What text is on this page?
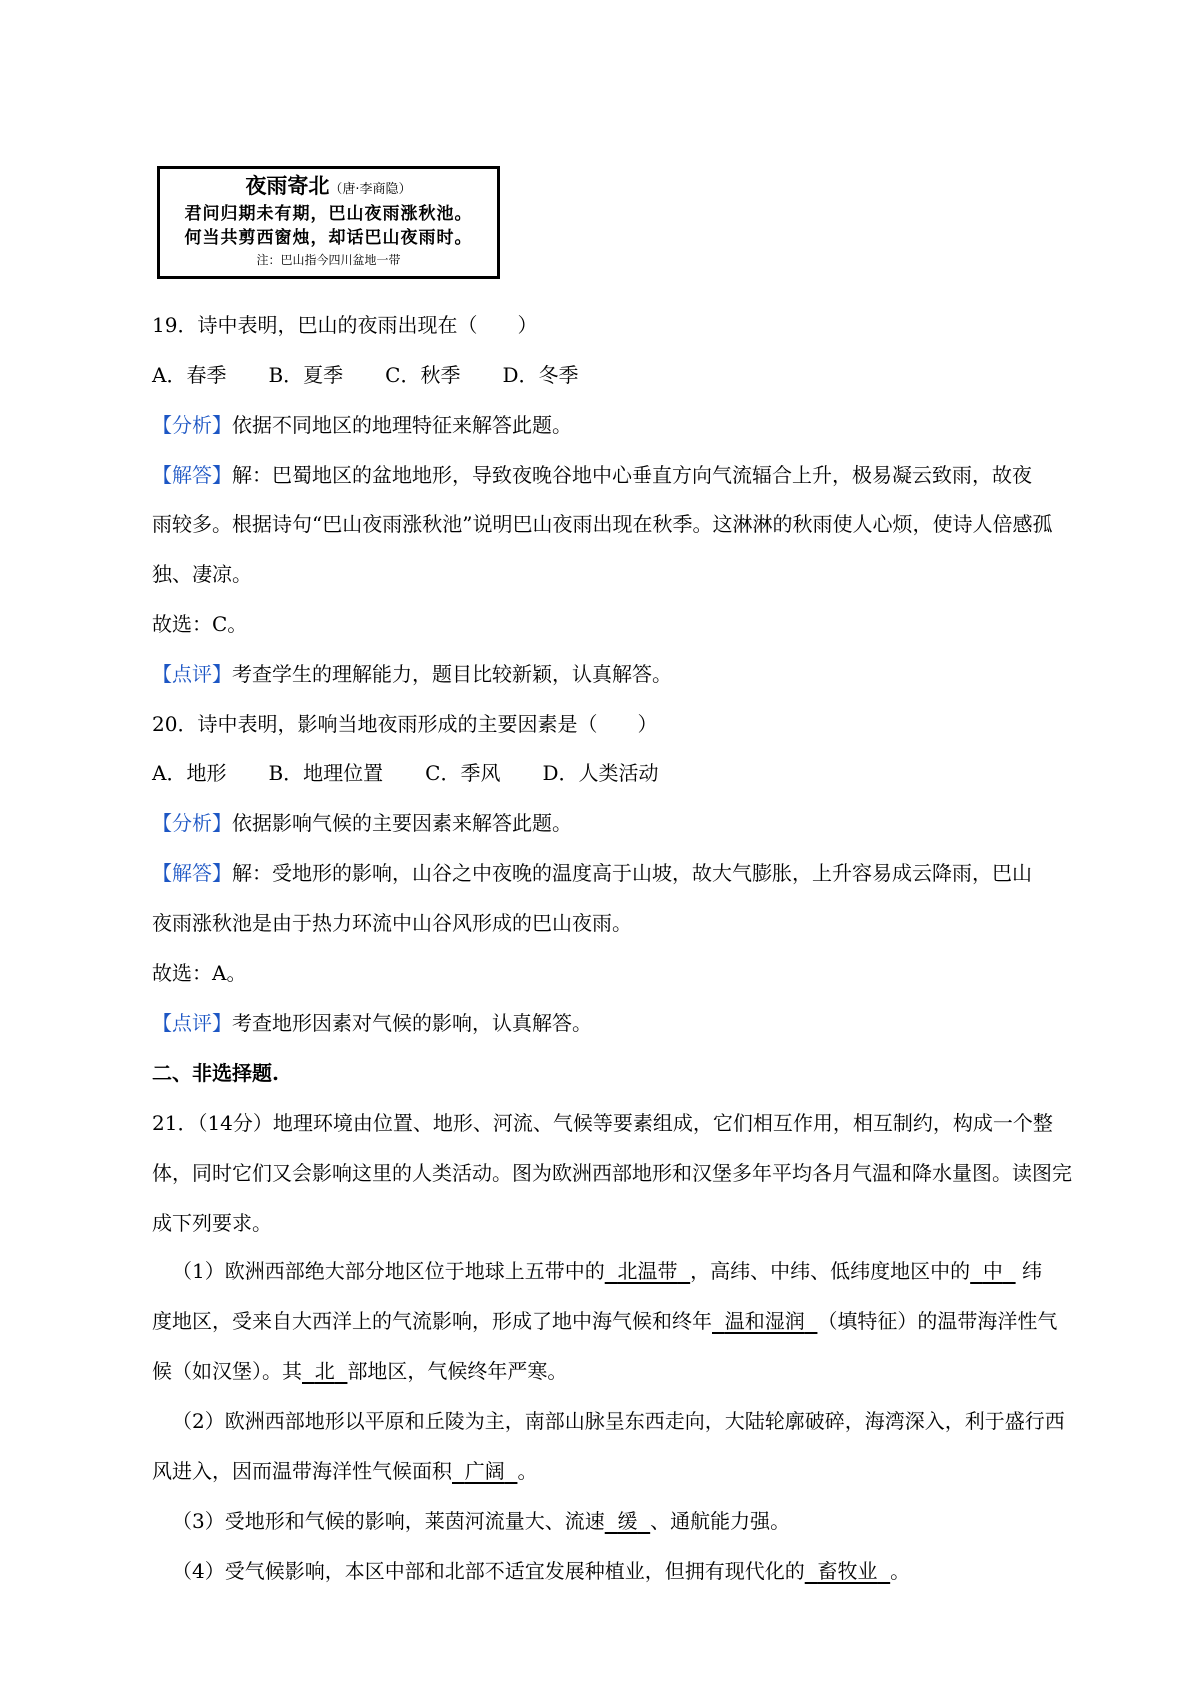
夜雨寄北（唐·李商隐）
君问归期未有期，巴山夜雨涨秋池。
何当共剪西窗烛，却话巴山夜雨时。
注：巴山指今四川盆地一带
19．诗中表明，巴山的夜雨出现在（　　）
A．春季 B．夏季 C．秋季 D．冬季
【分析】依据不同地区的地理特征来解答此题。
【解答】解：巴蜀地区的盆地地形，导致夜晚谷地中心垂直方向气流辐合上升，极易凝云致雨，故夜
雨较多。根据诗句“巴山夜雨涨秋池”说明巴山夜雨出现在秋季。这淋淋的秋雨使人心烦，使诗人倍感孤
独、凄凉。
故选：C。
【点评】考查学生的理解能力，题目比较新颖，认真解答。
20．诗中表明，影响当地夜雨形成的主要因素是（　　）
A．地形 B．地理位置 C．季风 D．人类活动
【分析】依据影响气候的主要因素来解答此题。
【解答】解：受地形的影响，山谷之中夜晚的温度高于山坡，故大气膨胀，上升容易成云降雨，巴山
夜雨涨秋池是由于热力环流中山谷风形成的巴山夜雨。
故选：A。
【点评】考查地形因素对气候的影响，认真解答。
二、非选择题.
21．（14分）地理环境由位置、地形、河流、气候等要素组成，它们相互作用，相互制约，构成一个整
体，同时它们又会影响这里的人类活动。图为欧洲西部地形和汉堡多年平均各月气温和降水量图。读图完
成下列要求。
（1）欧洲西部绝大部分地区位于地球上五带中的 北温带 ，高纬、中纬、低纬度地区中的 中 纬
度地区，受来自大西洋上的气流影响，形成了地中海气候和终年 温和湿润 （填特征）的温带海洋性气
候（如汉堡）。其 北 部地区，气候终年严寒。
（2）欧洲西部地形以平原和丘陵为主，南部山脉呈东西走向，大陆轮廓破碎，海湾深入，利于盛行西
风进入，因而温带海洋性气候面积 广阔 。
（3）受地形和气候的影响，莱茵河流量大、流速 缓 、通航能力强。
（4）受气候影响，本区中部和北部不适宜发展种植业，但拥有现代化的 畜牧业 。
